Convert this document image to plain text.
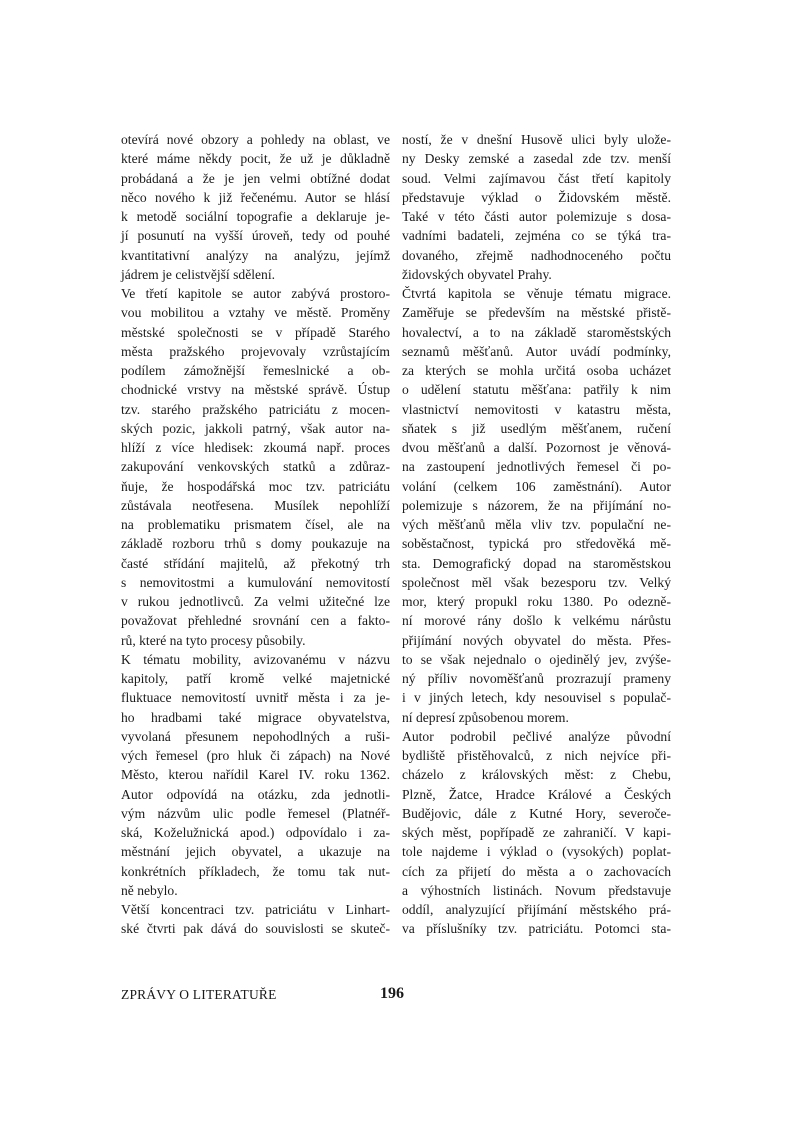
otevírá nové obzory a pohledy na oblast, ve
které máme někdy pocit, že už je důkladně
probádaná a že je jen velmi obtížné dodat
něco nového k již řečenému. Autor se hlásí
k metodě sociální topografie a deklaruje je-
jí posunutí na vyšší úroveň, tedy od pouhé
kvantitativní analýzy na analýzu, jejímž
jádrem je celistvější sdělení.
Ve třetí kapitole se autor zabývá prostoro-
vou mobilitou a vztahy ve městě. Proměny
městské společnosti se v případě Starého
města pražského projevovaly vzrůstajícím
podílem zámožnější řemeslnické a ob-
chodnické vrstvy na městské správě. Ústup
tzv. starého pražského patriciátu z mocen-
ských pozic, jakkoli patrný, však autor na-
hlíží z více hledisek: zkoumá např. proces
zakupování venkovských statků a zdůraz-
ňuje, že hospodářská moc tzv. patriciátu
zůstávala neotřesena. Musílek nepohlíží
na problematiku prismatem čísel, ale na
základě rozboru trhů s domy poukazuje na
časté střídání majitelů, až překotný trh
s nemovitostmi a kumulování nemovitostí
v rukou jednotlivců. Za velmi užitečné lze
považovat přehledné srovnání cen a fakto-
rů, které na tyto procesy působily.
K tématu mobility, avizovanému v názvu
kapitoly, patří kromě velké majetnické
fluktuace nemovitostí uvnitř města i za je-
ho hradbami také migrace obyvatelstva,
vyvolaná přesunem nepohodlných a ruši-
vých řemesel (pro hluk či zápach) na Nové
Město, kterou nařídil Karel IV. roku 1362.
Autor odpovídá na otázku, zda jednotli-
vým názvům ulic podle řemesel (Platnéř-
ská, Koželužnická apod.) odpovídalo i za-
městnání jejich obyvatel, a ukazuje na
konkrétních příkladech, že tomu tak nut-
ně nebylo.
Větší koncentraci tzv. patriciátu v Linhart-
ské čtvrti pak dává do souvislosti se skuteč-
ností, že v dnešní Husově ulici byly ulože-
ny Desky zemské a zasedal zde tzv. menší
soud. Velmi zajímavou část třetí kapitoly
představuje výklad o Židovském městě.
Také v této části autor polemizuje s dosa-
vadními badateli, zejména co se týká tra-
dovaného, zřejmě nadhodnoceného počtu
židovských obyvatel Prahy.
Čtvrtá kapitola se věnuje tématu migrace.
Zaměřuje se především na městské přistě-
hovalectví, a to na základě staroměstských
seznamů měšťanů. Autor uvádí podmínky,
za kterých se mohla určitá osoba ucházet
o udělení statutu měšťana: patřily k nim
vlastnictví nemovitosti v katastru města,
sňatek s již usedlým měšťanem, ručení
dvou měšťanů a další. Pozornost je věnová-
na zastoupení jednotlivých řemesel či po-
volání (celkem 106 zaměstnání). Autor
polemizuje s názorem, že na přijímání no-
vých měšťanů měla vliv tzv. populační ne-
soběstačnost, typická pro středověká mě-
sta. Demografický dopad na staroměstskou
společnost měl však bezesporu tzv. Velký
mor, který propukl roku 1380. Po odezně-
ní morové rány došlo k velkému nárůstu
přijímání nových obyvatel do města. Přes-
to se však nejednalo o ojedinělý jev, zvýše-
ný příliv novoměšťanů prozrazují prameny
i v jiných letech, kdy nesouvisel s populač-
ní depresí způsobenou morem.
Autor podrobil pečlivé analýze původní
bydliště přistěhovalců, z nich nejvíce při-
cházelo z královských měst: z Chebu,
Plzně, Žatce, Hradce Králové a Českých
Budějovic, dále z Kutné Hory, severoče-
ských měst, popřípadě ze zahraničí. V kapi-
tole najdeme i výklad o (vysokých) poplat-
cích za přijetí do města a o zachovacích
a výhostních listinách. Novum představuje
oddíl, analyzující přijímání městského prá-
va příslušníky tzv. patriciátu. Potomci sta-
ZPRÁVY O LITERATUŘE	196
